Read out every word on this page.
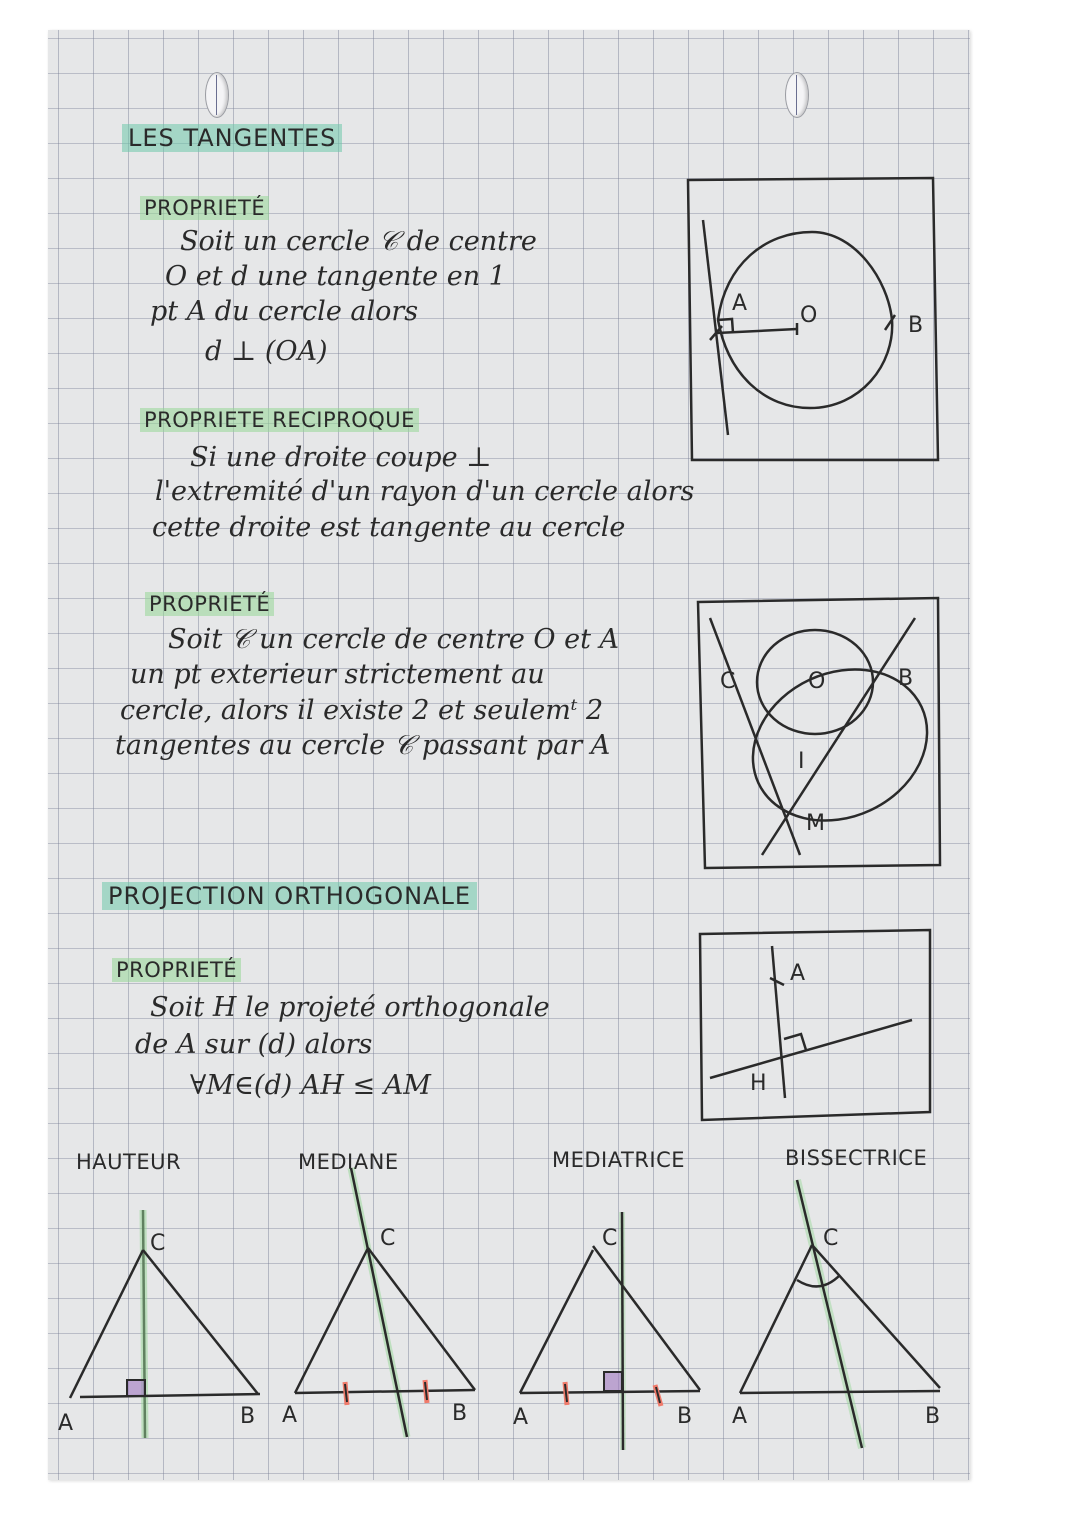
LES TANGENTES
PROPRIETÉ
Soit un cercle 𝒞 de centre
O et d une tangente en 1
pt A du cercle alors
d ⊥ (OA)
PROPRIETE RECIPROQUE
Si une droite coupe ⊥
l'extremité d'un rayon d'un cercle alors
cette droite est tangente au cercle
A O	B
PROPRIETÉ
Soit 𝒞 un cercle de centre O et A
un pt exterieur strictement au
cercle, alors il existe 2 et seulemᵗ 2
tangentes au cercle 𝒞 passant par A
C	O	B
I
M
PROJECTION ORTHOGONALE
PROPRIETÉ
Soit H le projeté orthogonale
de A sur (d) alors
∀M∈(d) AH ≤ AM
A
H
HAUTEUR	MEDIANE	MEDIATRICE	BISSECTRICE
A	B
C
A	B
C
A	B
C
A	B
C
